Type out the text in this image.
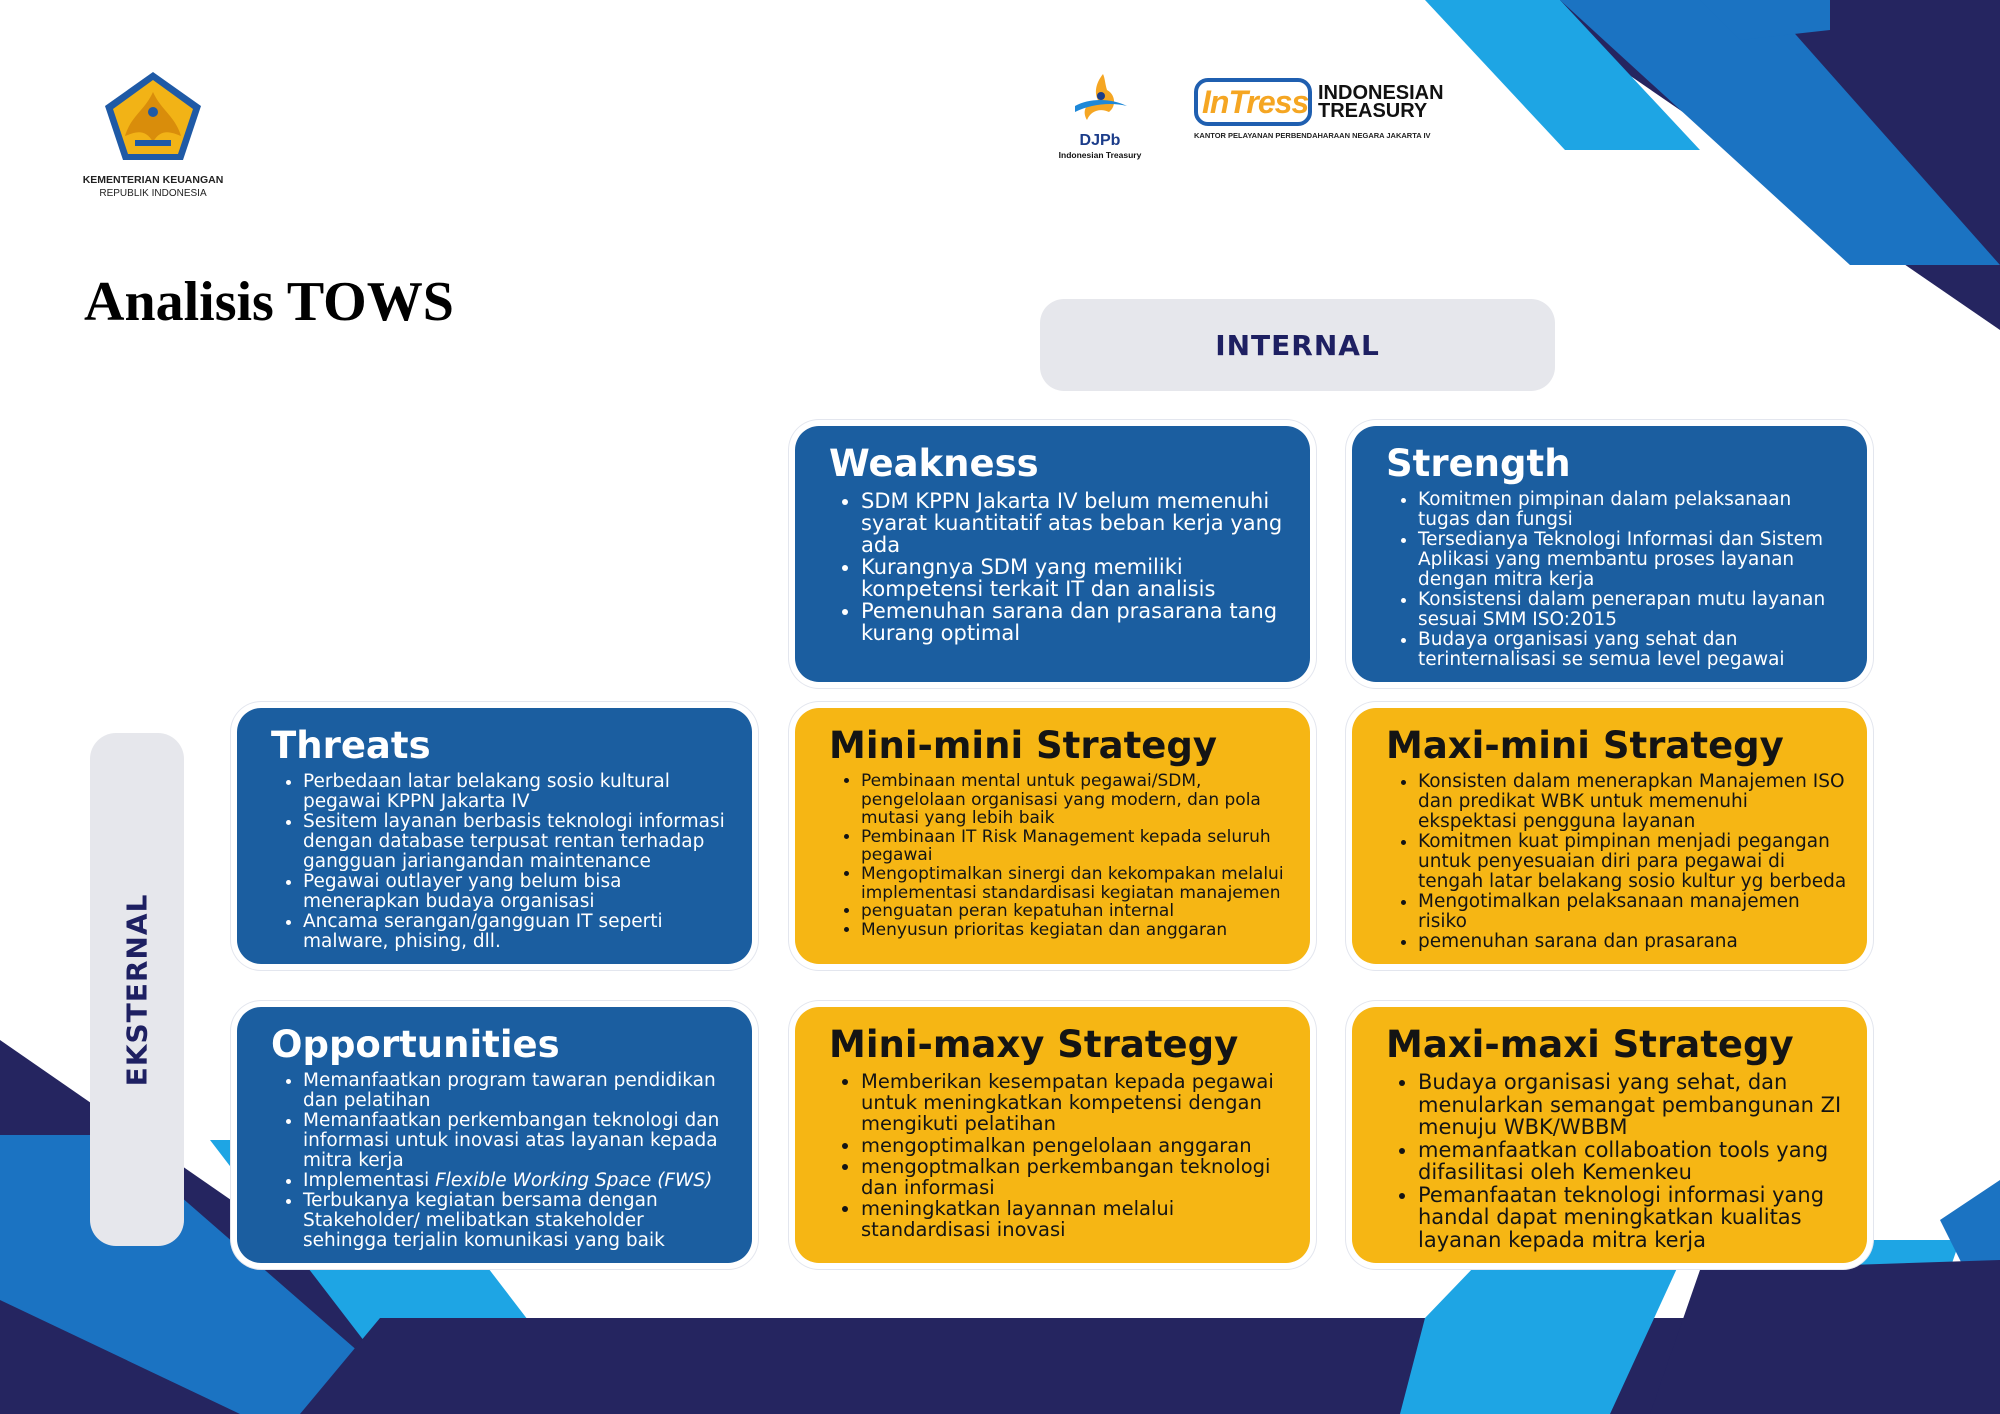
KEMENTERIAN KEUANGAN
REPUBLIK INDONESIA
DJPb
Indonesian Treasury
InTress INDONESIAN
TREASURY
KANTOR PELAYANAN PERBENDAHARAAN NEGARA JAKARTA IV
Analisis TOWS
INTERNAL
EKSTERNAL
Weakness
• SDM KPPN Jakarta IV belum memenuhi syarat kuantitatif atas beban kerja yang ada
• Kurangnya SDM yang memiliki kompetensi terkait IT dan analisis
• Pemenuhan sarana dan prasarana tang kurang optimal
Strength
• Komitmen pimpinan dalam pelaksanaan tugas dan fungsi
• Tersedianya Teknologi Informasi dan Sistem Aplikasi yang membantu proses layanan dengan mitra kerja
• Konsistensi dalam penerapan mutu layanan sesuai SMM ISO:2015
• Budaya organisasi yang sehat dan terinternalisasi se semua level pegawai
Threats
• Perbedaan latar belakang sosio kultural pegawai KPPN Jakarta IV
• Sesitem layanan berbasis teknologi informasi dengan database terpusat rentan terhadap gangguan jariangandan maintenance
• Pegawai outlayer yang belum bisa menerapkan budaya organisasi
• Ancama serangan/gangguan IT seperti malware, phising, dll.
Mini-mini Strategy
• Pembinaan mental untuk pegawai/SDM, pengelolaan organisasi yang modern, dan pola mutasi yang lebih baik
• Pembinaan IT Risk Management kepada seluruh pegawai
• Mengoptimalkan sinergi dan kekompakan melalui implementasi standardisasi kegiatan manajemen
• penguatan peran kepatuhan internal
• Menyusun prioritas kegiatan dan anggaran
Maxi-mini Strategy
• Konsisten dalam menerapkan Manajemen ISO dan predikat WBK untuk memenuhi ekspektasi pengguna layanan
• Komitmen kuat pimpinan menjadi pegangan untuk penyesuaian diri para pegawai di tengah latar belakang sosio kultur yg berbeda
• Mengotimalkan pelaksanaan manajemen risiko
• pemenuhan sarana dan prasarana
Opportunities
• Memanfaatkan program tawaran pendidikan dan pelatihan
• Memanfaatkan perkembangan teknologi dan informasi untuk inovasi atas layanan kepada mitra kerja
• Implementasi Flexible Working Space (FWS)
• Terbukanya kegiatan bersama dengan Stakeholder/ melibatkan stakeholder sehingga terjalin komunikasi yang baik
Mini-maxy Strategy
• Memberikan kesempatan kepada pegawai untuk meningkatkan kompetensi dengan mengikuti pelatihan
• mengoptimalkan pengelolaan anggaran
• mengoptmalkan perkembangan teknologi dan informasi
• meningkatkan layannan melalui standardisasi inovasi
Maxi-maxi Strategy
• Budaya organisasi yang sehat, dan menularkan semangat pembangunan ZI menuju WBK/WBBM
• memanfaatkan collaboation tools yang difasilitasi oleh Kemenkeu
• Pemanfaatan teknologi informasi yang handal dapat meningkatkan kualitas layanan kepada mitra kerja
